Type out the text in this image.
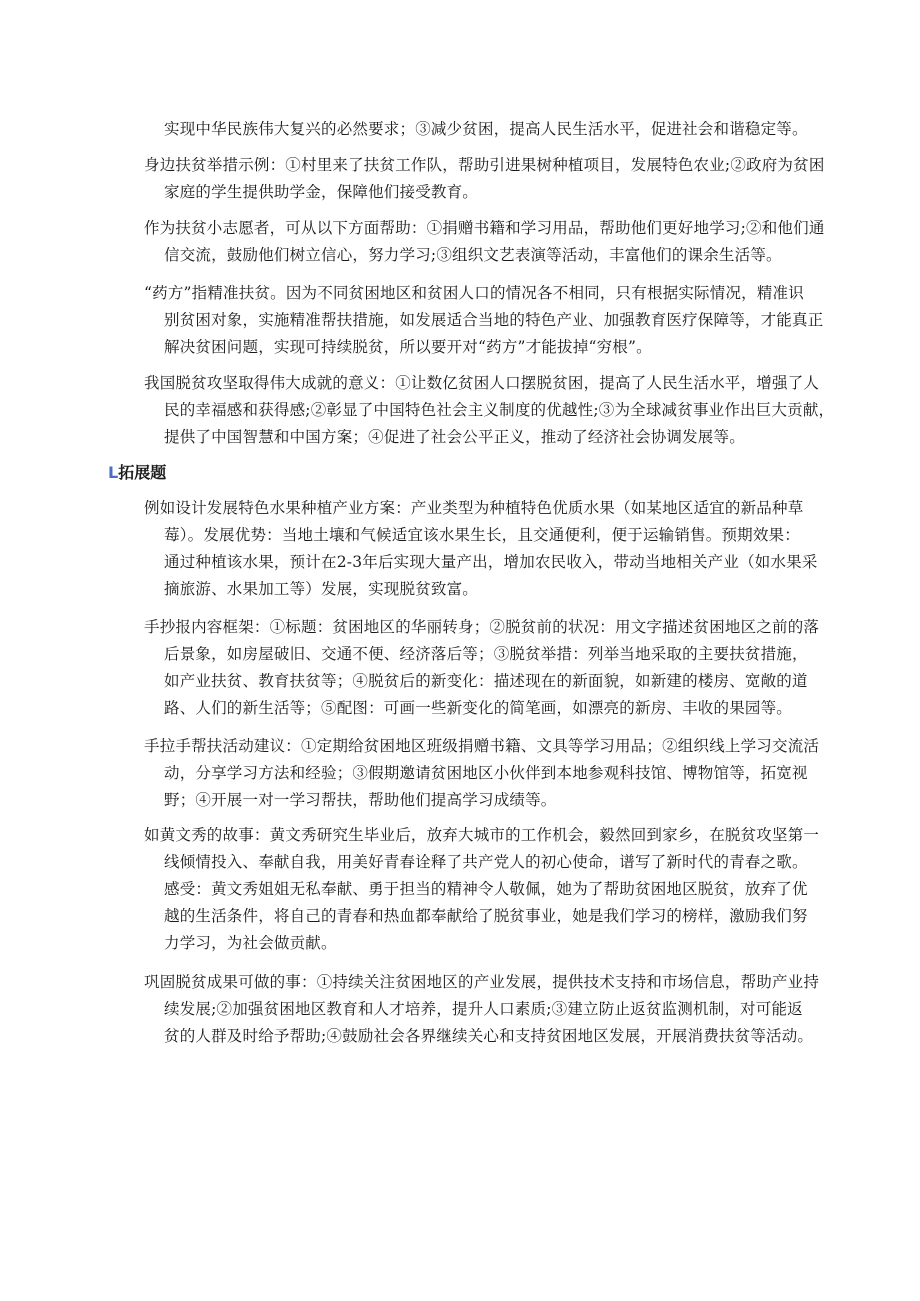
实现中华民族伟大复兴的必然要求；③减少贫困，提高人民生活水平，促进社会和谐稳定等。
身边扶贫举措示例：①村里来了扶贫工作队，帮助引进果树种植项目，发展特色农业;②政府为贫困
家庭的学生提供助学金，保障他们接受教育。
作为扶贫小志愿者，可从以下方面帮助：①捐赠书籍和学习用品，帮助他们更好地学习;②和他们通
信交流，鼓励他们树立信心，努力学习;③组织文艺表演等活动，丰富他们的课余生活等。
“药方”指精准扶贫。因为不同贫困地区和贫困人口的情况各不相同，只有根据实际情况，精准识
别贫困对象，实施精准帮扶措施，如发展适合当地的特色产业、加强教育医疗保障等，才能真正
解决贫困问题，实现可持续脱贫，所以要开对“药方”才能拔掉“穷根”。
我国脱贫攻坚取得伟大成就的意义：①让数亿贫困人口摆脱贫困，提高了人民生活水平，增强了人
民的幸福感和获得感;②彰显了中国特色社会主义制度的优越性;③为全球减贫事业作出巨大贡献，
提供了中国智慧和中国方案；④促进了社会公平正义，推动了经济社会协调发展等。
L拓展题
例如设计发展特色水果种植产业方案：产业类型为种植特色优质水果（如某地区适宜的新品种草
莓）。发展优势：当地土壤和气候适宜该水果生长，且交通便利，便于运输销售。预期效果：
通过种植该水果，预计在2-3年后实现大量产出，增加农民收入，带动当地相关产业（如水果采
摘旅游、水果加工等）发展，实现脱贫致富。
手抄报内容框架：①标题：贫困地区的华丽转身；②脱贫前的状况：用文字描述贫困地区之前的落
后景象，如房屋破旧、交通不便、经济落后等；③脱贫举措：列举当地采取的主要扶贫措施，
如产业扶贫、教育扶贫等；④脱贫后的新变化：描述现在的新面貌，如新建的楼房、宽敞的道
路、人们的新生活等；⑤配图：可画一些新变化的简笔画，如漂亮的新房、丰收的果园等。
手拉手帮扶活动建议：①定期给贫困地区班级捐赠书籍、文具等学习用品；②组织线上学习交流活
动，分享学习方法和经验；③假期邀请贫困地区小伙伴到本地参观科技馆、博物馆等，拓宽视
野；④开展一对一学习帮扶，帮助他们提高学习成绩等。
如黄文秀的故事：黄文秀研究生毕业后，放弃大城市的工作机会，毅然回到家乡，在脱贫攻坚第一
线倾情投入、奉献自我，用美好青春诠释了共产党人的初心使命，谱写了新时代的青春之歌。
感受：黄文秀姐姐无私奉献、勇于担当的精神令人敬佩，她为了帮助贫困地区脱贫，放弃了优
越的生活条件，将自己的青春和热血都奉献给了脱贫事业，她是我们学习的榜样，激励我们努
力学习，为社会做贡献。
巩固脱贫成果可做的事：①持续关注贫困地区的产业发展，提供技术支持和市场信息，帮助产业持
续发展;②加强贫困地区教育和人才培养，提升人口素质;③建立防止返贫监测机制，对可能返
贫的人群及时给予帮助;④鼓励社会各界继续关心和支持贫困地区发展，开展消费扶贫等活动。
